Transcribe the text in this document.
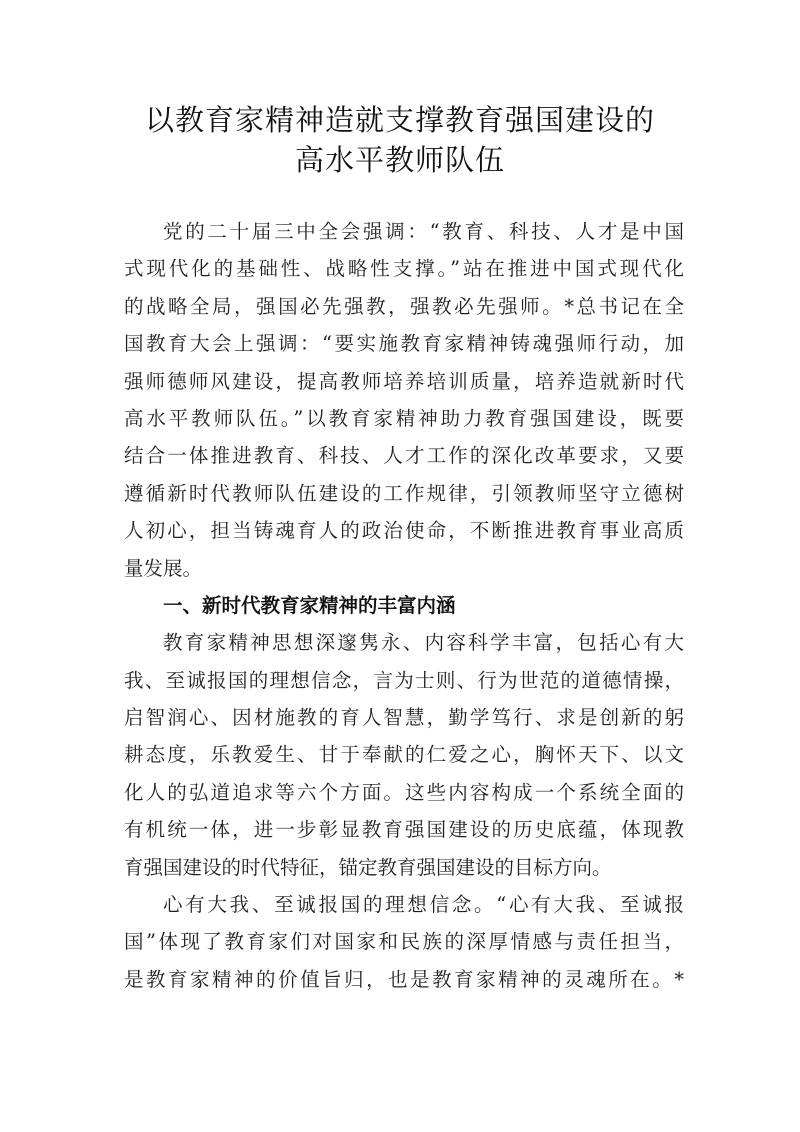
以教育家精神造就支撑教育强国建设的
高水平教师队伍
党的二十届三中全会强调：“教育、科技、人才是中国
式现代化的基础性、战略性支撑。”站在推进中国式现代化
的战略全局，强国必先强教，强教必先强师。*总书记在全
国教育大会上强调：“要实施教育家精神铸魂强师行动，加
强师德师风建设，提高教师培养培训质量，培养造就新时代
高水平教师队伍。”以教育家精神助力教育强国建设，既要
结合一体推进教育、科技、人才工作的深化改革要求，又要
遵循新时代教师队伍建设的工作规律，引领教师坚守立德树
人初心，担当铸魂育人的政治使命，不断推进教育事业高质
量发展。
一、新时代教育家精神的丰富内涵
教育家精神思想深邃隽永、内容科学丰富，包括心有大
我、至诚报国的理想信念，言为士则、行为世范的道德情操，
启智润心、因材施教的育人智慧，勤学笃行、求是创新的躬
耕态度，乐教爱生、甘于奉献的仁爱之心，胸怀天下、以文
化人的弘道追求等六个方面。这些内容构成一个系统全面的
有机统一体，进一步彰显教育强国建设的历史底蕴，体现教
育强国建设的时代特征，锚定教育强国建设的目标方向。
心有大我、至诚报国的理想信念。“心有大我、至诚报
国”体现了教育家们对国家和民族的深厚情感与责任担当，
是教育家精神的价值旨归，也是教育家精神的灵魂所在。*
